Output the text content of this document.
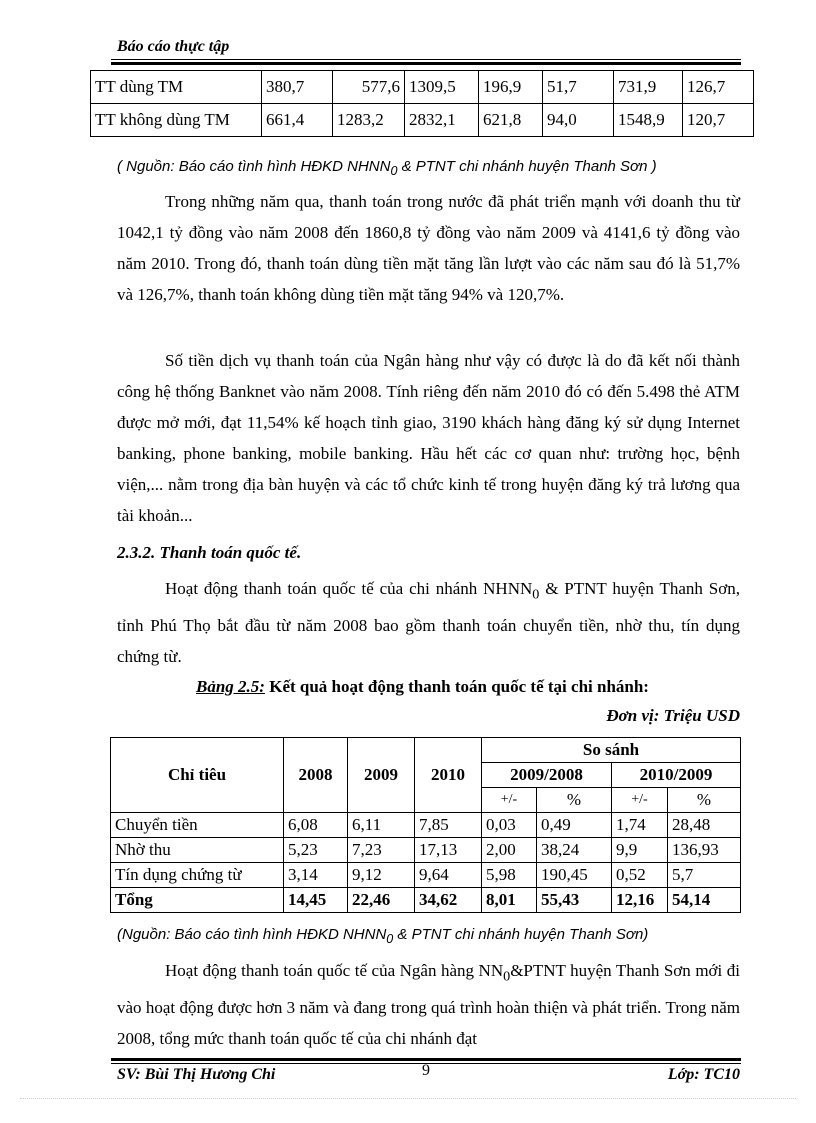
Báo cáo thực tập
TT dùng TM	380,7	577,6	1309,5	196,9	51,7	731,9	126,7
TT không dùng TM	661,4	1283,2	2832,1	621,8	94,0	1548,9	120,7
( Nguồn: Báo cáo tình hình HĐKD $NHNN_0$ & PTNT chi nhánh huyện Thanh Sơn )

Trong những năm qua, thanh toán trong nước đã phát triển mạnh với doanh thu từ 1042,1 tỷ đồng vào năm 2008 đến 1860,8 tỷ đồng vào năm 2009 và 4141,6 tỷ đồng vào năm 2010. Trong đó, thanh toán dùng tiền mặt tăng lần lượt vào các năm sau đó là 51,7% và 126,7%, thanh toán không dùng tiền mặt tăng 94% và 120,7%.

Số tiền dịch vụ thanh toán của Ngân hàng như vậy có được là do đã kết nối thành công hệ thống Banknet vào năm 2008. Tính riêng đến năm 2010 đó có đến 5.498 thẻ ATM được mở mới, đạt 11,54% kế hoạch tỉnh giao, 3190 khách hàng đăng ký sử dụng Internet banking, phone banking, mobile banking. Hầu hết các cơ quan như: trường học, bệnh viện,... nằm trong địa bàn huyện và các tổ chức kinh tế trong huyện đăng ký trả lương qua tài khoản...

2.3.2. Thanh toán quốc tế.

Hoạt động thanh toán quốc tế của chi nhánh $NHNN_0$ & PTNT huyện Thanh Sơn, tỉnh Phú Thọ bắt đầu từ năm 2008 bao gồm thanh toán chuyển tiền, nhờ thu, tín dụng chứng từ.

Bảng 2.5: Kết quả hoạt động thanh toán quốc tế tại chi nhánh:
Đơn vị: Triệu USD
Chỉ tiêu	2008	2009	2010	So sánh			
				2009/2008		2010/2009	
				+/-	%	+/-	%
Chuyển tiền	6,08	6,11	7,85	0,03	0,49	1,74	28,48
Nhờ thu	5,23	7,23	17,13	2,00	38,24	9,9	136,93
Tín dụng chứng từ	3,14	9,12	9,64	5,98	190,45	0,52	5,7
Tổng	14,45	22,46	34,62	8,01	55,43	12,16	54,14
(Nguồn: Báo cáo tình hình HĐKD $NHNN_0$ & PTNT chi nhánh huyện Thanh Sơn)

Hoạt động thanh toán quốc tế của Ngân hàng $NN_0\&PTNT$ huyện Thanh Sơn mới đi vào hoạt động được hơn 3 năm và đang trong quá trình hoàn thiện và phát triển. Trong năm 2008, tổng mức thanh toán quốc tế của chi nhánh đạt

SV: Bùi Thị Hương Chi	9	Lớp: TC10
